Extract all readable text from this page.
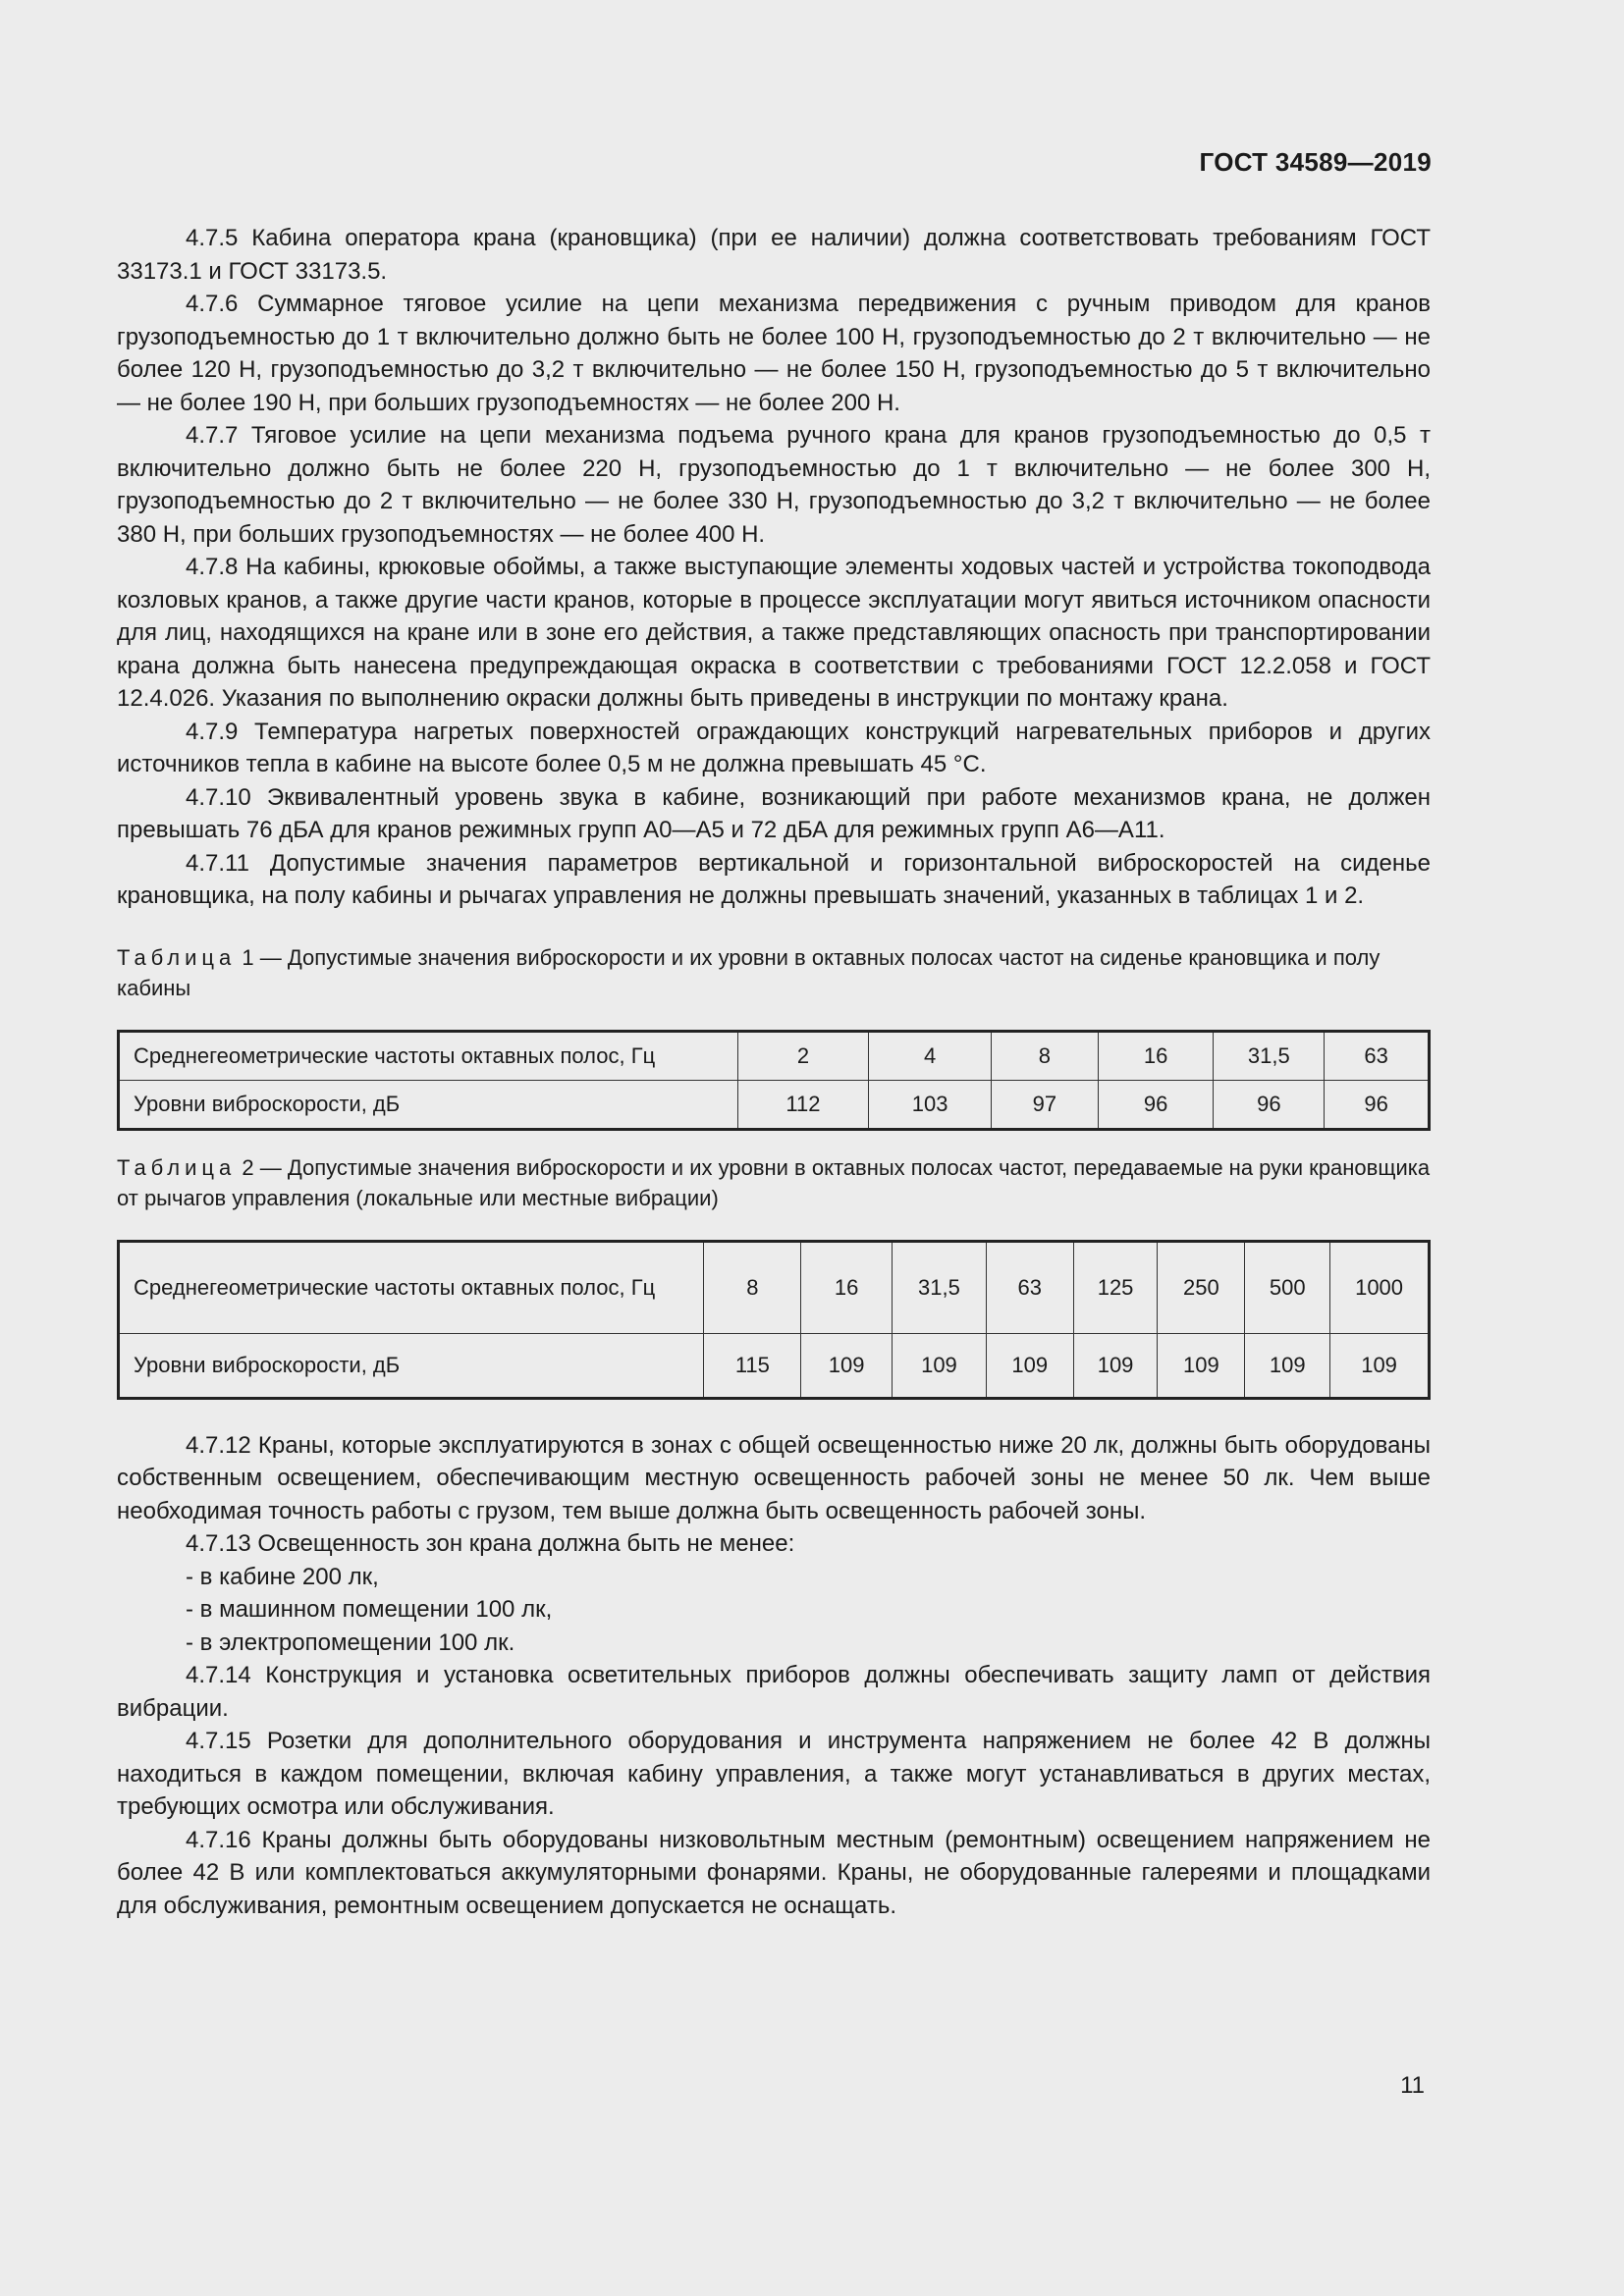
ГОСТ 34589—2019

4.7.5 Кабина оператора крана (крановщика) (при ее наличии) должна соответствовать требованиям ГОСТ 33173.1 и ГОСТ 33173.5.

4.7.6 Суммарное тяговое усилие на цепи механизма передвижения с ручным приводом для кранов грузоподъемностью до 1 т включительно должно быть не более 100 Н, грузоподъемностью до 2 т включительно — не более 120 Н, грузоподъемностью до 3,2 т включительно — не более 150 Н, грузоподъемностью до 5 т включительно — не более 190 Н, при больших грузоподъемностях — не более 200 Н.

4.7.7 Тяговое усилие на цепи механизма подъема ручного крана для кранов грузоподъемностью до 0,5 т включительно должно быть не более 220 Н, грузоподъемностью до 1 т включительно — не более 300 Н, грузоподъемностью до 2 т включительно — не более 330 Н, грузоподъемностью до 3,2 т включительно — не более 380 Н, при больших грузоподъемностях — не более 400 Н.

4.7.8 На кабины, крюковые обоймы, а также выступающие элементы ходовых частей и устройства токоподвода козловых кранов, а также другие части кранов, которые в процессе эксплуатации могут явиться источником опасности для лиц, находящихся на кране или в зоне его действия, а также представляющих опасность при транспортировании крана должна быть нанесена предупреждающая окраска в соответствии с требованиями ГОСТ 12.2.058 и ГОСТ 12.4.026. Указания по выполнению окраски должны быть приведены в инструкции по монтажу крана.

4.7.9 Температура нагретых поверхностей ограждающих конструкций нагревательных приборов и других источников тепла в кабине на высоте более 0,5 м не должна превышать 45 °С.

4.7.10 Эквивалентный уровень звука в кабине, возникающий при работе механизмов крана, не должен превышать 76 дБА для кранов режимных групп А0—А5 и 72 дБА для режимных групп А6—А11.

4.7.11 Допустимые значения параметров вертикальной и горизонтальной виброскоростей на сиденье крановщика, на полу кабины и рычагах управления не должны превышать значений, указанных в таблицах 1 и 2.

Таблица 1 — Допустимые значения виброскорости и их уровни в октавных полосах частот на сиденье крановщика и полу кабины
Среднегеометрические частоты октавных полос, Гц	2	4	8	16	31,5	63
Уровни виброскорости, дБ	112	103	97	96	96	96
Таблица 2 — Допустимые значения виброскорости и их уровни в октавных полосах частот, передаваемые на руки крановщика от рычагов управления (локальные или местные вибрации)
Среднегеометрические частоты октавных полос, Гц	8	16	31,5	63	125	250	500	1000
Уровни виброскорости, дБ	115	109	109	109	109	109	109	109

4.7.12 Краны, которые эксплуатируются в зонах с общей освещенностью ниже 20 лк, должны быть оборудованы собственным освещением, обеспечивающим местную освещенность рабочей зоны не менее 50 лк. Чем выше необходимая точность работы с грузом, тем выше должна быть освещенность рабочей зоны.

4.7.13 Освещенность зон крана должна быть не менее:

- в кабине 200 лк,

- в машинном помещении 100 лк,

- в электропомещении 100 лк.

4.7.14 Конструкция и установка осветительных приборов должны обеспечивать защиту ламп от действия вибрации.

4.7.15 Розетки для дополнительного оборудования и инструмента напряжением не более 42 В должны находиться в каждом помещении, включая кабину управления, а также могут устанавливаться в других местах, требующих осмотра или обслуживания.

4.7.16 Краны должны быть оборудованы низковольтным местным (ремонтным) освещением напряжением не более 42 В или комплектоваться аккумуляторными фонарями. Краны, не оборудованные галереями и площадками для обслуживания, ремонтным освещением допускается не оснащать.

11
